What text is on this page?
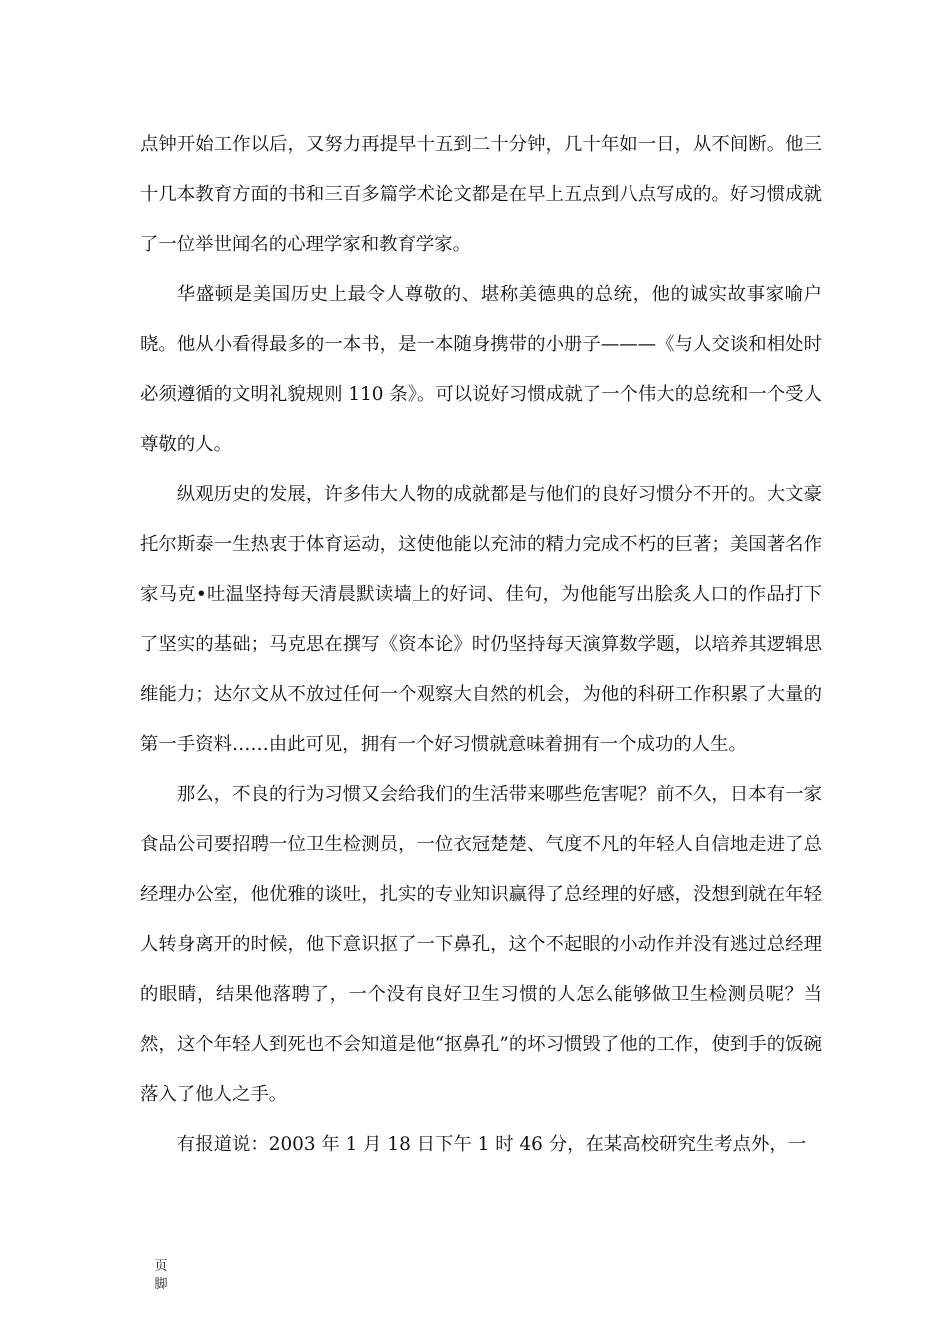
点钟开始工作以后，又努力再提早十五到二十分钟，几十年如一日，从不间断。他三十几本教育方面的书和三百多篇学术论文都是在早上五点到八点写成的。好习惯成就了一位举世闻名的心理学家和教育学家。

华盛顿是美国历史上最令人尊敬的、堪称美德典的总统，他的诚实故事家喻户晓。他从小看得最多的一本书，是一本随身携带的小册子———《与人交谈和相处时必须遵循的文明礼貌规则 110 条》。可以说好习惯成就了一个伟大的总统和一个受人尊敬的人。

纵观历史的发展，许多伟大人物的成就都是与他们的良好习惯分不开的。大文豪托尔斯泰一生热衷于体育运动，这使他能以充沛的精力完成不朽的巨著；美国著名作家马克•吐温坚持每天清晨默读墙上的好词、佳句，为他能写出脍炙人口的作品打下了坚实的基础；马克思在撰写《资本论》时仍坚持每天演算数学题，以培养其逻辑思维能力；达尔文从不放过任何一个观察大自然的机会，为他的科研工作积累了大量的第一手资料……由此可见，拥有一个好习惯就意味着拥有一个成功的人生。

那么，不良的行为习惯又会给我们的生活带来哪些危害呢？前不久，日本有一家食品公司要招聘一位卫生检测员，一位衣冠楚楚、气度不凡的年轻人自信地走进了总经理办公室，他优雅的谈吐，扎实的专业知识赢得了总经理的好感，没想到就在年轻人转身离开的时候，他下意识抠了一下鼻孔，这个不起眼的小动作并没有逃过总经理的眼睛，结果他落聘了，一个没有良好卫生习惯的人怎么能够做卫生检测员呢？当然，这个年轻人到死也不会知道是他“抠鼻孔”的坏习惯毁了他的工作，使到手的饭碗落入了他人之手。

有报道说：2003 年 1 月 18 日下午 1 时 46 分，在某高校研究生考点外，一

页脚
